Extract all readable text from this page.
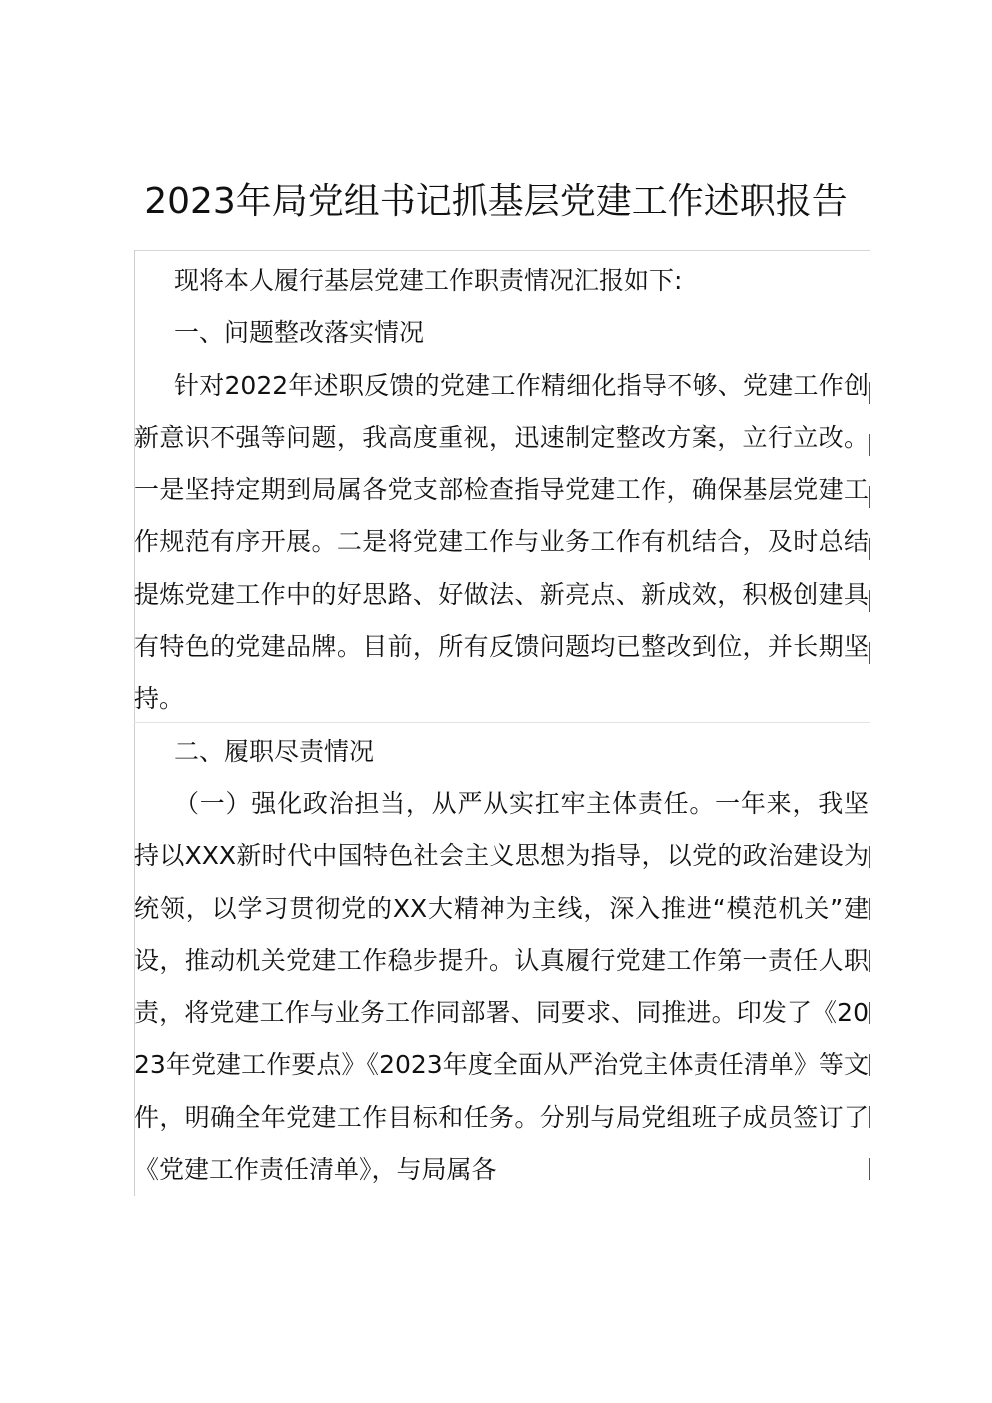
2023年局党组书记抓基层党建工作述职报告

现将本人履行基层党建工作职责情况汇报如下:

一、问题整改落实情况

针对2022年述职反馈的党建工作精细化指导不够、党建工作创新意识不强等问题，我高度重视，迅速制定整改方案，立行立改。一是坚持定期到局属各党支部检查指导党建工作，确保基层党建工作规范有序开展。二是将党建工作与业务工作有机结合，及时总结提炼党建工作中的好思路、好做法、新亮点、新成效，积极创建具有特色的党建品牌。目前，所有反馈问题均已整改到位，并长期坚持。

二、履职尽责情况

（一）强化政治担当，从严从实扛牢主体责任。一年来，我坚持以XXX新时代中国特色社会主义思想为指导，以党的政治建设为统领，以学习贯彻党的XX大精神为主线，深入推进“模范机关”建设，推动机关党建工作稳步提升。认真履行党建工作第一责任人职责，将党建工作与业务工作同部署、同要求、同推进。印发了《2023年党建工作要点》《2023年度全面从严治党主体责任清单》等文件，明确全年党建工作目标和任务。分别与局党组班子成员签订了《党建工作责任清单》，与局属各
